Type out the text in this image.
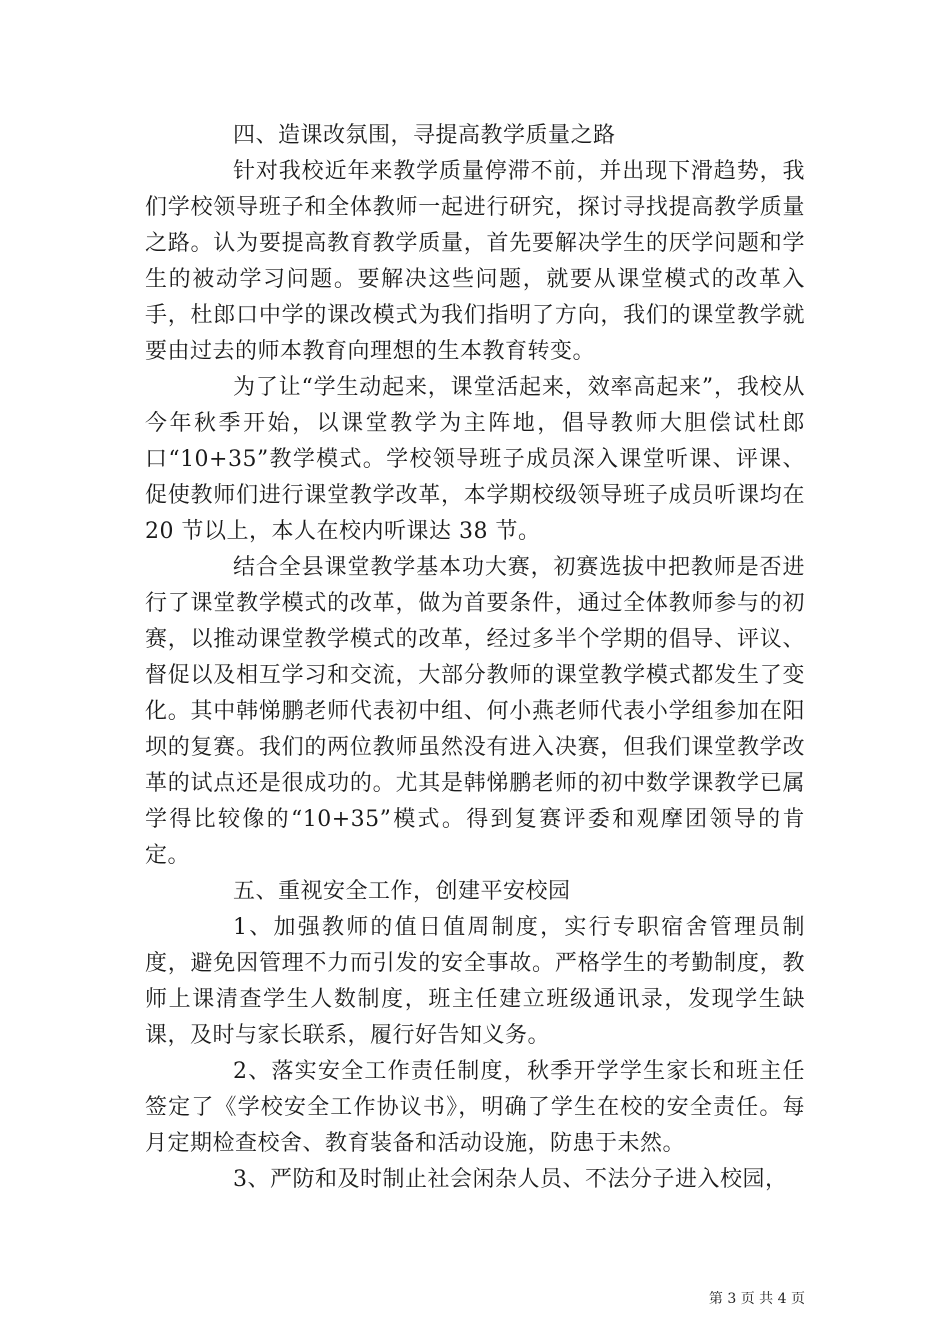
四、造课改氛围，寻提高教学质量之路

针对我校近年来教学质量停滞不前，并出现下滑趋势，我们学校领导班子和全体教师一起进行研究，探讨寻找提高教学质量之路。认为要提高教育教学质量，首先要解决学生的厌学问题和学生的被动学习问题。要解决这些问题，就要从课堂模式的改革入手，杜郎口中学的课改模式为我们指明了方向，我们的课堂教学就要由过去的师本教育向理想的生本教育转变。

为了让“学生动起来，课堂活起来，效率高起来”，我校从今年秋季开始，以课堂教学为主阵地，倡导教师大胆偿试杜郎口“10+35”教学模式。学校领导班子成员深入课堂听课、评课、促使教师们进行课堂教学改革，本学期校级领导班子成员听课均在 20 节以上，本人在校内听课达 38 节。

结合全县课堂教学基本功大赛，初赛选拔中把教师是否进行了课堂教学模式的改革，做为首要条件，通过全体教师参与的初赛，以推动课堂教学模式的改革，经过多半个学期的倡导、评议、督促以及相互学习和交流，大部分教师的课堂教学模式都发生了变化。其中韩悌鹏老师代表初中组、何小燕老师代表小学组参加在阳坝的复赛。我们的两位教师虽然没有进入决赛，但我们课堂教学改革的试点还是很成功的。尤其是韩悌鹏老师的初中数学课教学已属学得比较像的“10+35”模式。得到复赛评委和观摩团领导的肯定。

五、重视安全工作，创建平安校园

1、加强教师的值日值周制度，实行专职宿舍管理员制度，避免因管理不力而引发的安全事故。严格学生的考勤制度，教师上课清查学生人数制度，班主任建立班级通讯录，发现学生缺课，及时与家长联系，履行好告知义务。

2、落实安全工作责任制度，秋季开学学生家长和班主任签定了《学校安全工作协议书》，明确了学生在校的安全责任。每月定期检查校舍、教育装备和活动设施，防患于未然。

3、严防和及时制止社会闲杂人员、不法分子进入校园，

第 3 页 共 4 页
